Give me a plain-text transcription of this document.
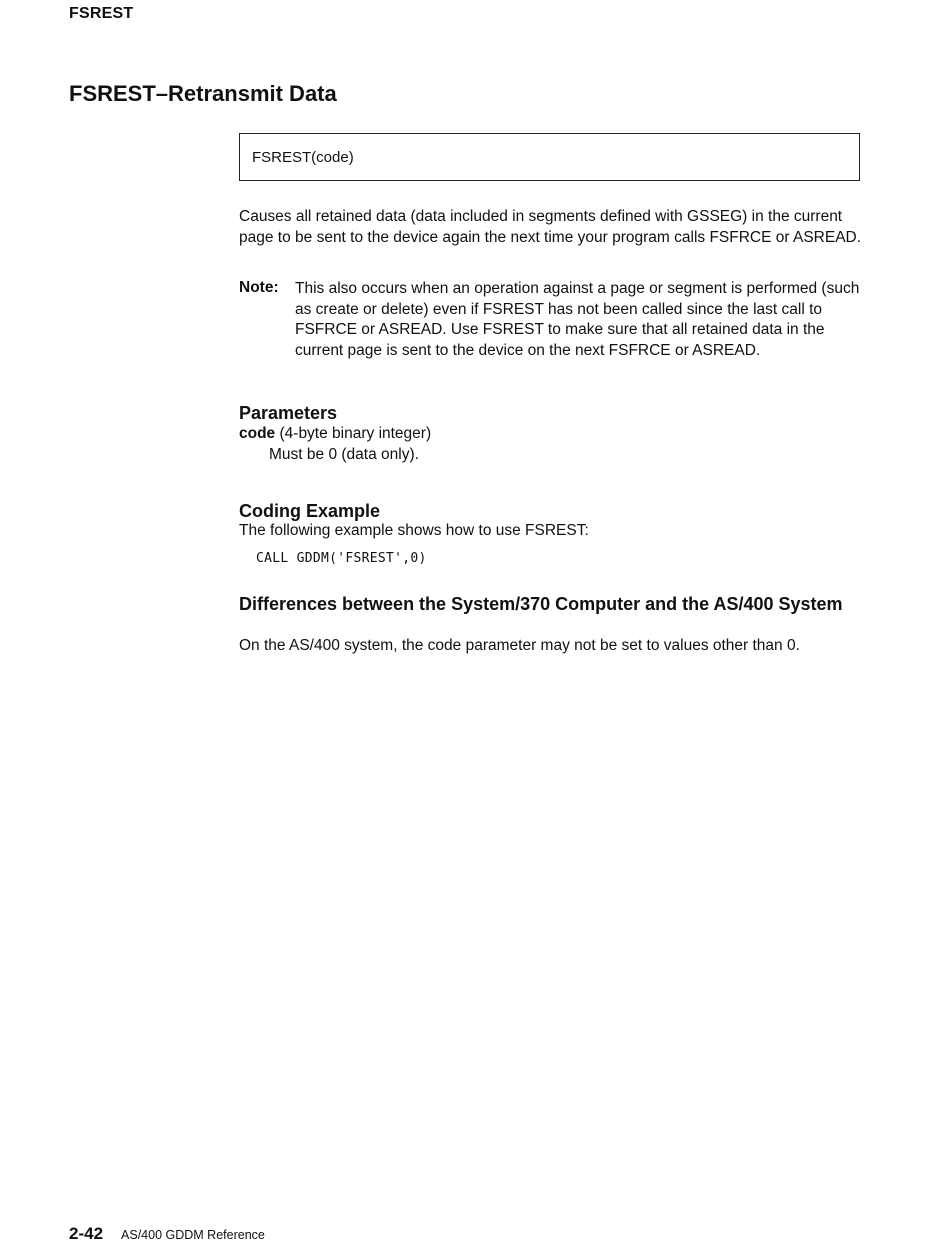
FSREST
FSREST–Retransmit Data
FSREST(code)
Causes all retained data (data included in segments defined with GSSEG) in the current page to be sent to the device again the next time your program calls FSFRCE or ASREAD.
Note: This also occurs when an operation against a page or segment is performed (such as create or delete) even if FSREST has not been called since the last call to FSFRCE or ASREAD. Use FSREST to make sure that all retained data in the current page is sent to the device on the next FSFRCE or ASREAD.
Parameters
code (4-byte binary integer)
Must be 0 (data only).
Coding Example
The following example shows how to use FSREST:
CALL GDDM('FSREST',0)
Differences between the System/370 Computer and the AS/400 System
On the AS/400 system, the code parameter may not be set to values other than 0.
2-42 AS/400 GDDM Reference
